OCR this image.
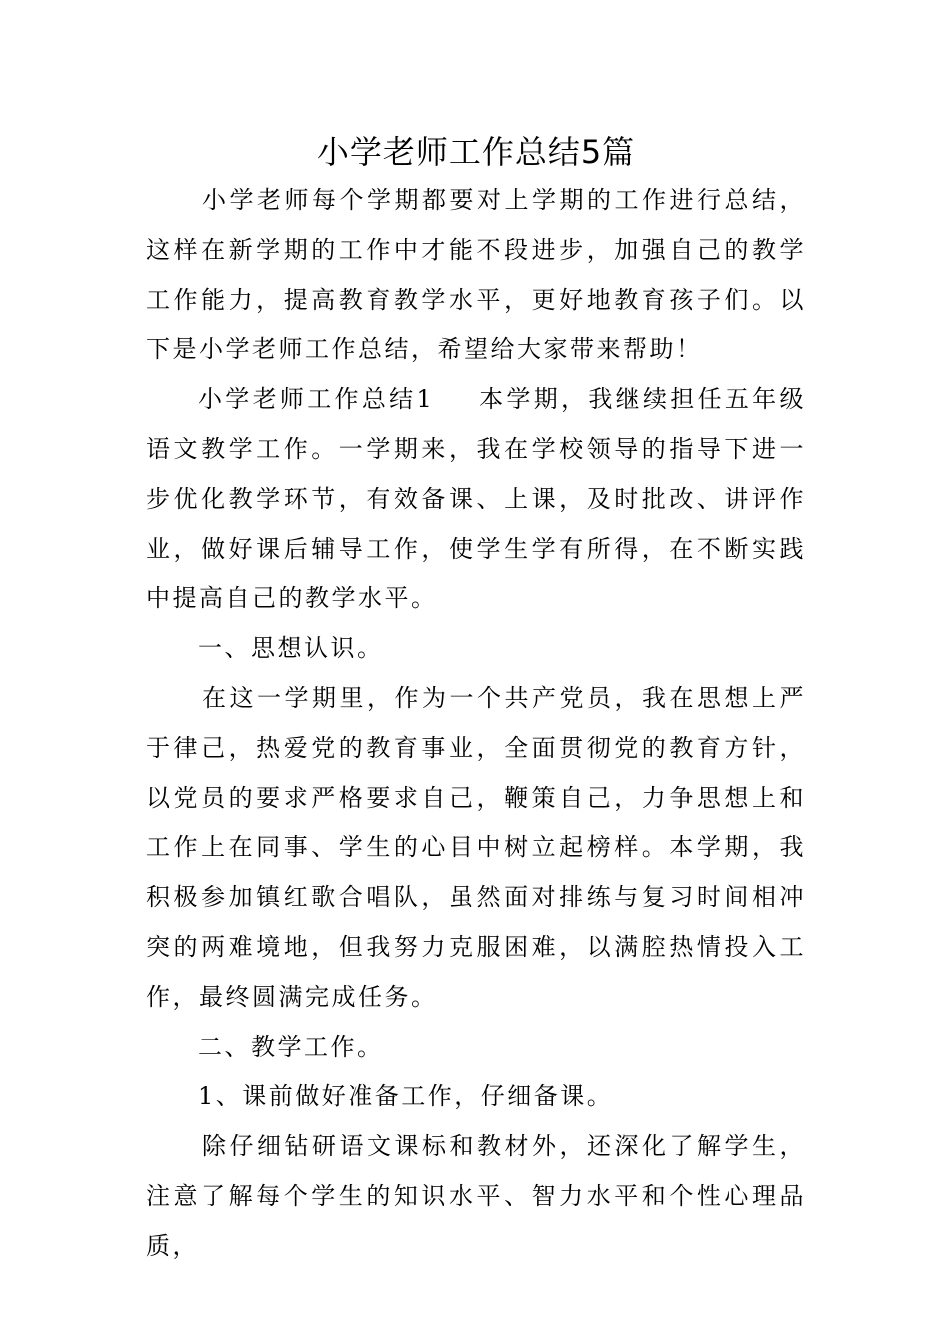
小学老师工作总结5篇

小学老师每个学期都要对上学期的工作进行总结，这样在新学期的工作中才能不段进步，加强自己的教学工作能力，提高教育教学水平，更好地教育孩子们。以下是小学老师工作总结，希望给大家带来帮助！

小学老师工作总结1 本学期，我继续担任五年级语文教学工作。一学期来，我在学校领导的指导下进一步优化教学环节，有效备课、上课，及时批改、讲评作业，做好课后辅导工作，使学生学有所得，在不断实践中提高自己的教学水平。

一、思想认识。

在这一学期里，作为一个共产党员，我在思想上严于律己，热爱党的教育事业，全面贯彻党的教育方针，以党员的要求严格要求自己，鞭策自己，力争思想上和工作上在同事、学生的心目中树立起榜样。本学期，我积极参加镇红歌合唱队，虽然面对排练与复习时间相冲突的两难境地，但我努力克服困难，以满腔热情投入工作，最终圆满完成任务。

二、教学工作。

1、课前做好准备工作，仔细备课。

除仔细钻研语文课标和教材外，还深化了解学生，注意了解每个学生的知识水平、智力水平和个性心理品质，
